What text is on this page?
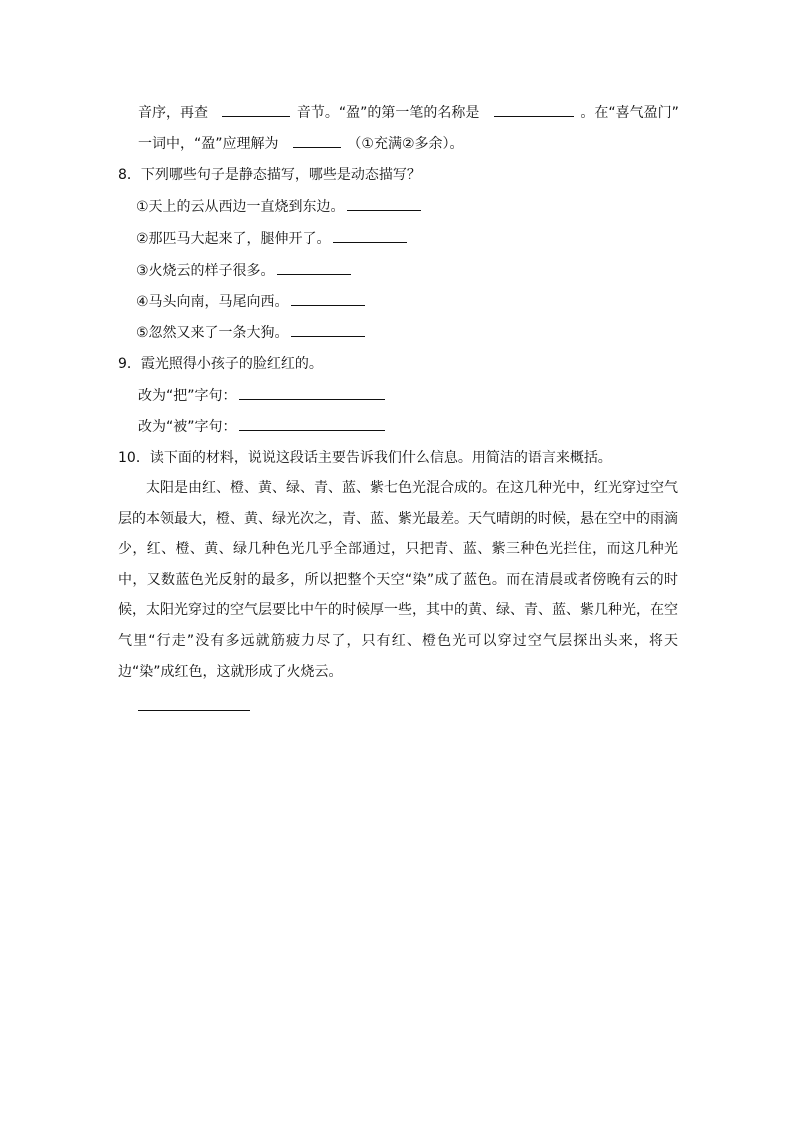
音序，再查	音节。“盈”的第一笔的名称是	。在“喜气盈门”
一词中，“盈”应理解为	（①充满②多余）。
8．下列哪些句子是静态描写，哪些是动态描写？
①天上的云从西边一直烧到东边。
②那匹马大起来了，腿伸开了。
③火烧云的样子很多。
④马头向南，马尾向西。
⑤忽然又来了一条大狗。
9．霞光照得小孩子的脸红红的。
改为“把”字句：
改为“被”字句：
10．读下面的材料，说说这段话主要告诉我们什么信息。用简洁的语言来概括。
太阳是由红、橙、黄、绿、青、蓝、紫七色光混合成的。在这几种光中，红光穿过空气层的本领最大，橙、黄、绿光次之，青、蓝、紫光最差。天气晴朗的时候，悬在空中的雨滴少，红、橙、黄、绿几种色光几乎全部通过，只把青、蓝、紫三种色光拦住，而这几种光中，又数蓝色光反射的最多，所以把整个天空“染”成了蓝色。而在清晨或者傍晚有云的时候，太阳光穿过的空气层要比中午的时候厚一些，其中的黄、绿、青、蓝、紫几种光，在空气里“行走”没有多远就筋疲力尽了，只有红、橙色光可以穿过空气层探出头来，将天边“染”成红色，这就形成了火烧云。
